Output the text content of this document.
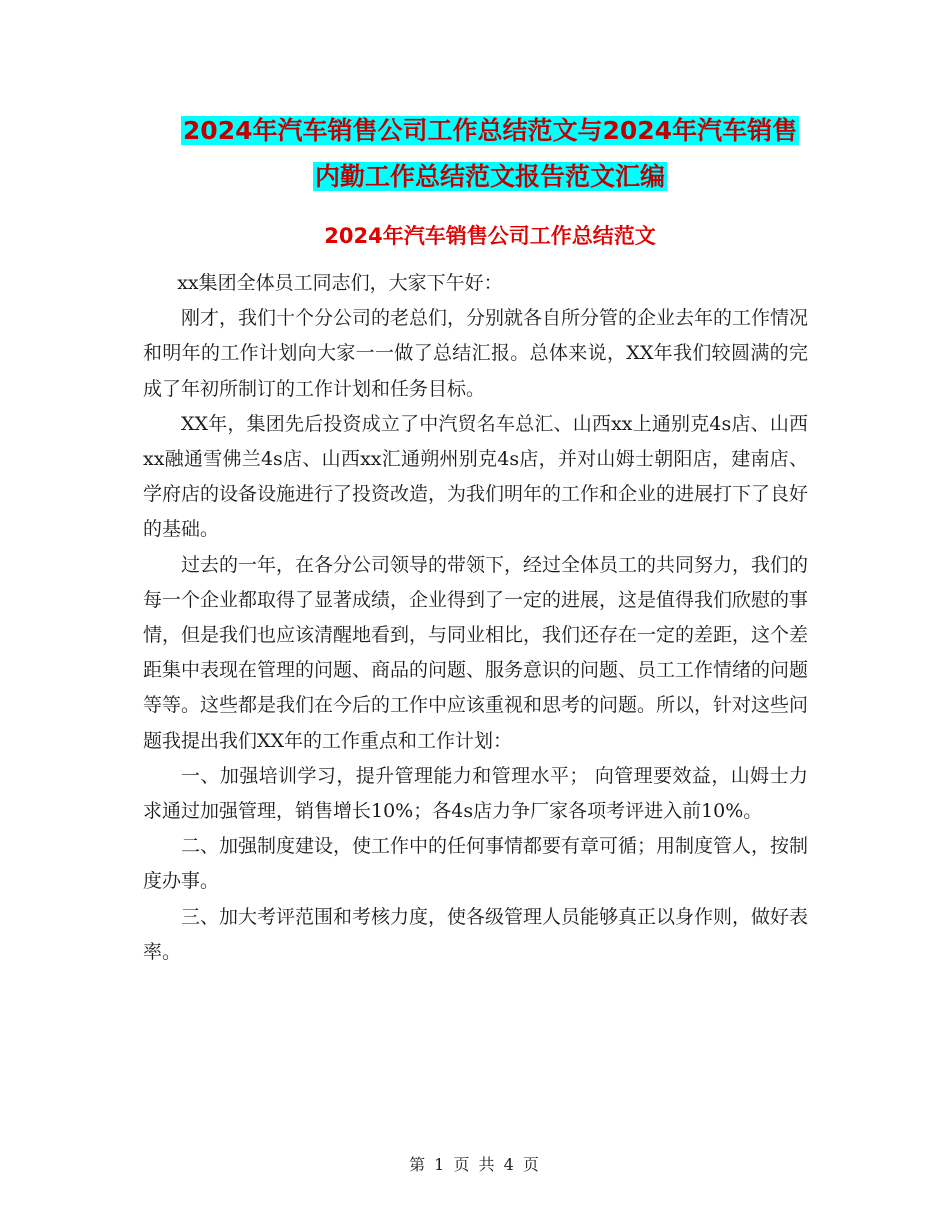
2024年汽车销售公司工作总结范文与2024年汽车销售
内勤工作总结范文报告范文汇编
2024年汽车销售公司工作总结范文

xx集团全体员工同志们，大家下午好：

刚才，我们十个分公司的老总们，分别就各自所分管的企业去年的工作情况和明年的工作计划向大家一一做了总结汇报。总体来说，XX年我们较圆满的完成了年初所制订的工作计划和任务目标。

XX年，集团先后投资成立了中汽贸名车总汇、山西xx上通别克4s店、山西xx融通雪佛兰4s店、山西xx汇通朔州别克4s店，并对山姆士朝阳店，建南店、学府店的设备设施进行了投资改造，为我们明年的工作和企业的进展打下了良好的基础。

过去的一年，在各分公司领导的带领下，经过全体员工的共同努力，我们的每一个企业都取得了显著成绩，企业得到了一定的进展，这是值得我们欣慰的事情，但是我们也应该清醒地看到，与同业相比，我们还存在一定的差距，这个差距集中表现在管理的问题、商品的问题、服务意识的问题、员工工作情绪的问题等等。这些都是我们在今后的工作中应该重视和思考的问题。所以，针对这些问题我提出我们XX年的工作重点和工作计划：

一、加强培训学习，提升管理能力和管理水平； 向管理要效益，山姆士力求通过加强管理，销售增长10%；各4s店力争厂家各项考评进入前10%。

二、加强制度建设，使工作中的任何事情都要有章可循；用制度管人，按制度办事。

三、加大考评范围和考核力度，使各级管理人员能够真正以身作则，做好表率。

第 1 页 共 4 页
